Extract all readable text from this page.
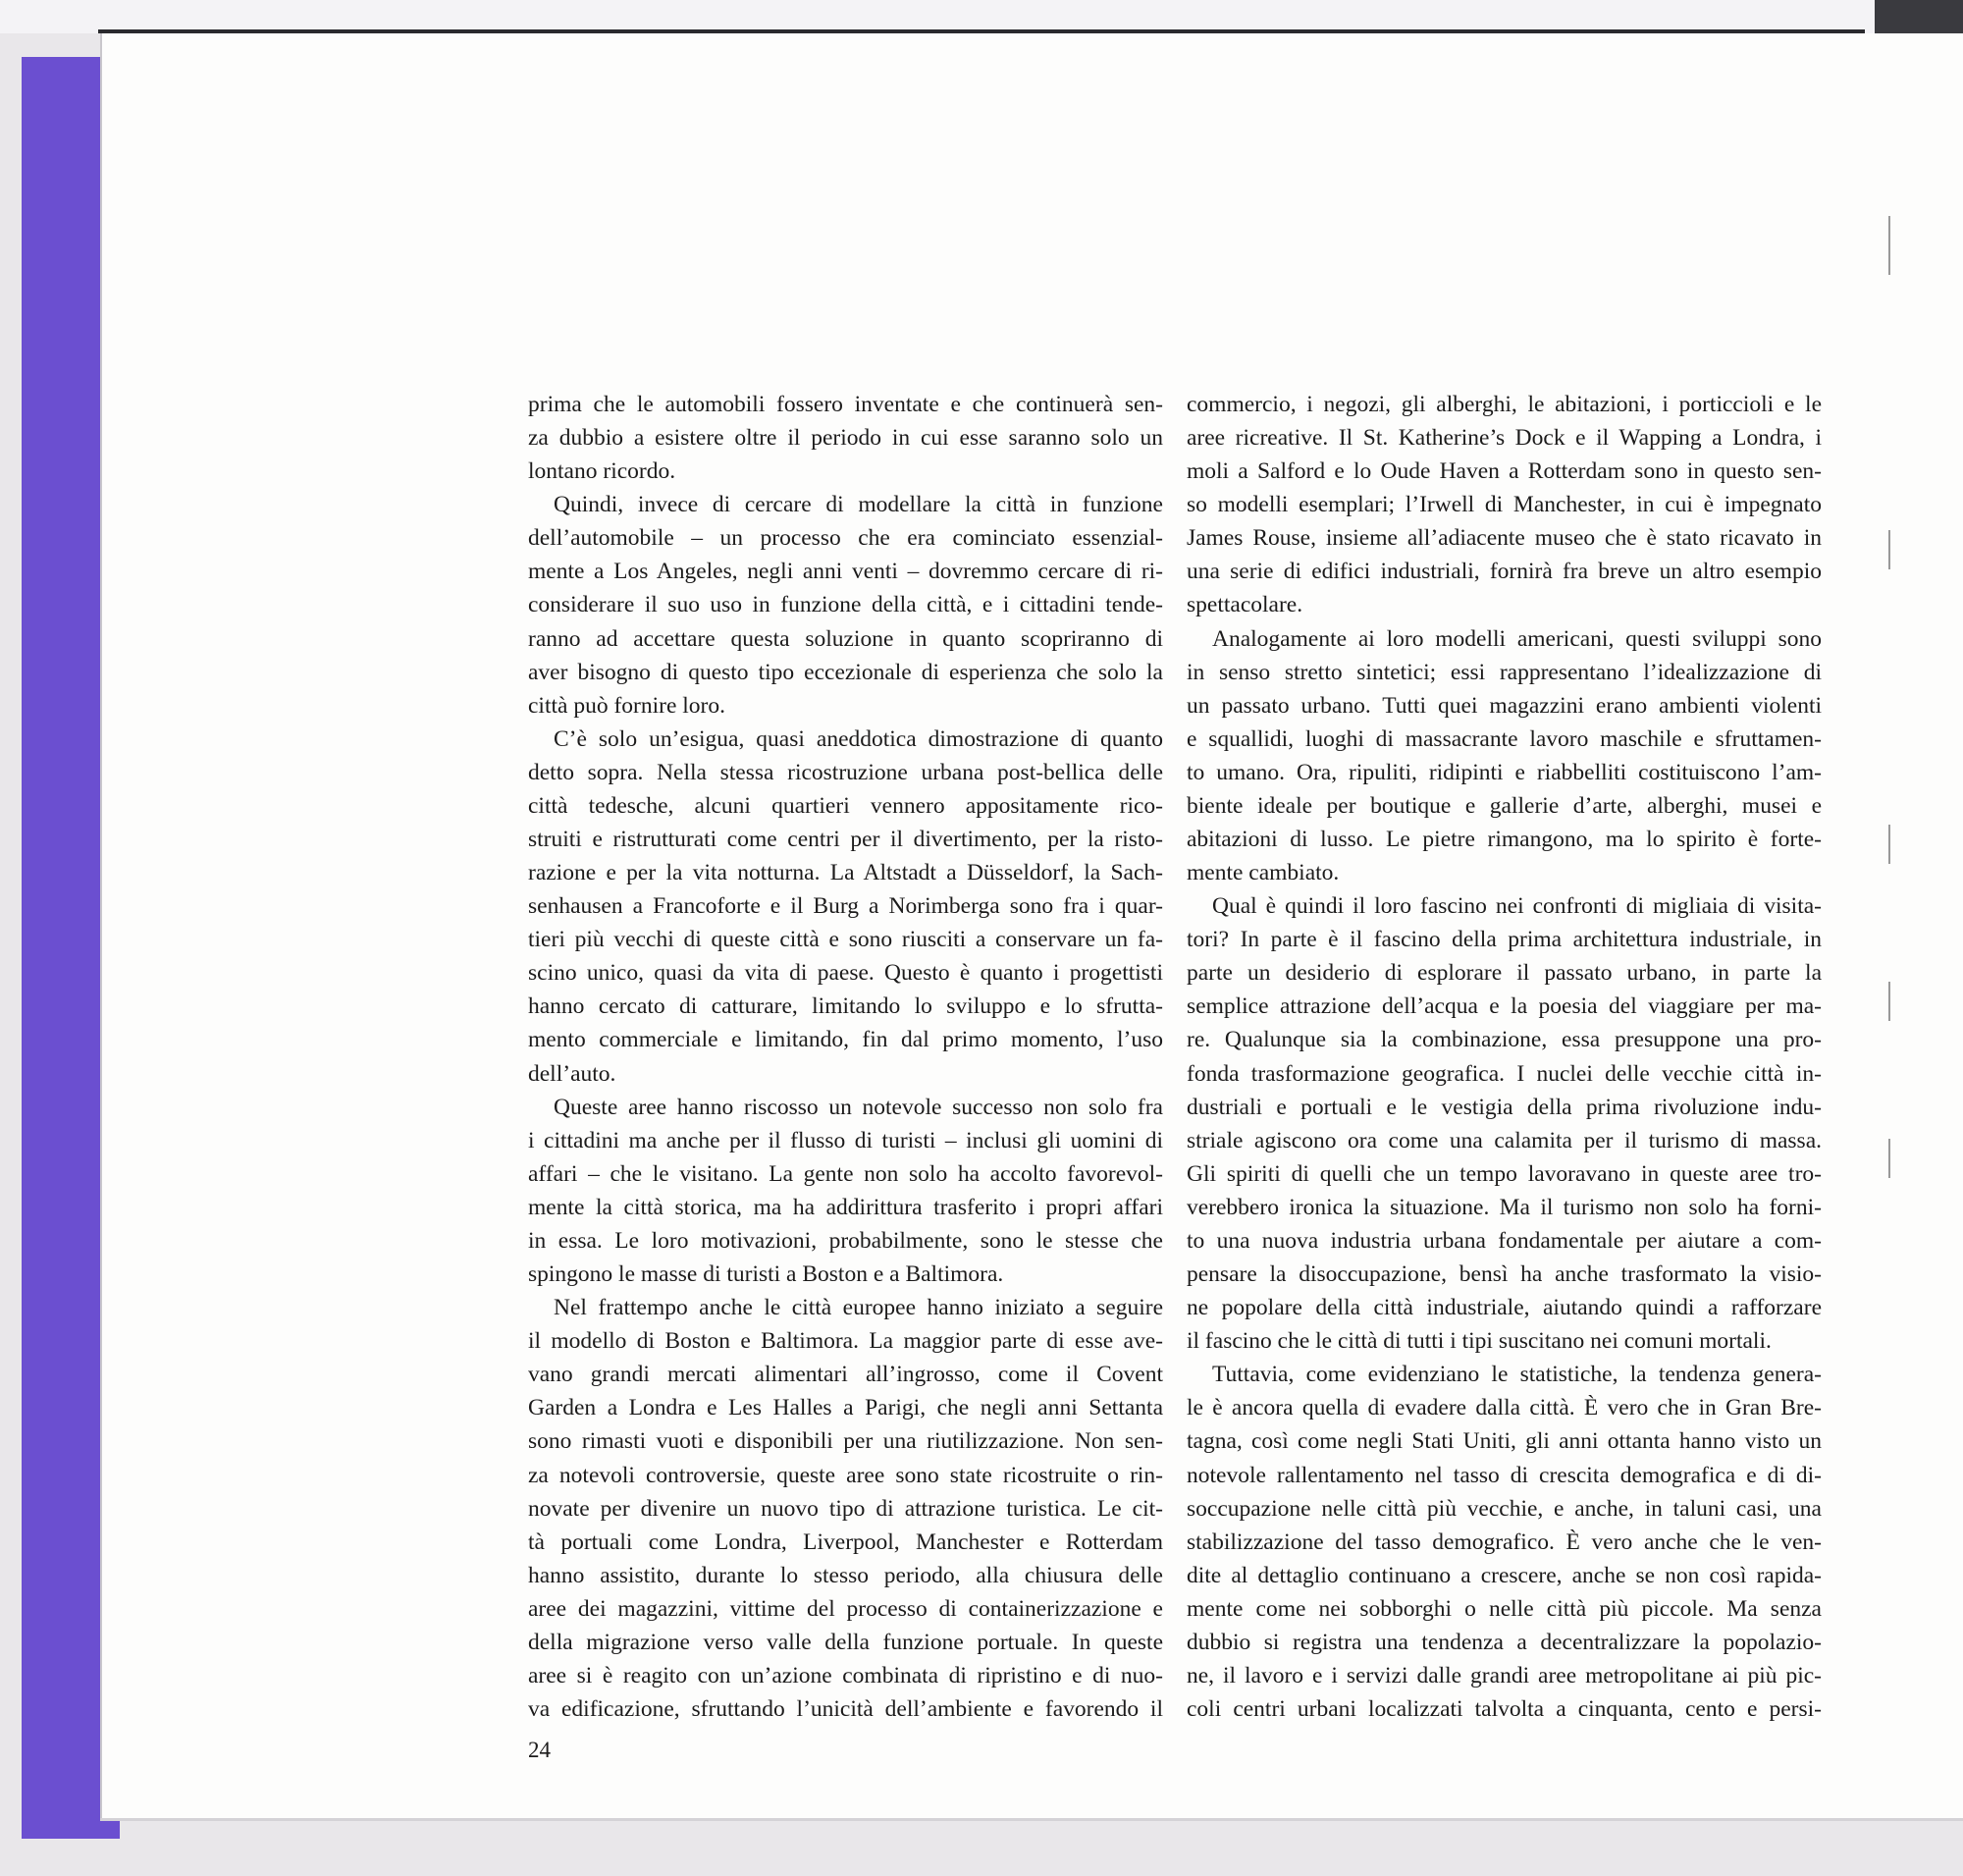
prima che le automobili fossero inventate e che continuerà sen-
za dubbio a esistere oltre il periodo in cui esse saranno solo un
lontano ricordo.
Quindi, invece di cercare di modellare la città in funzione
dell’automobile – un processo che era cominciato essenzial-
mente a Los Angeles, negli anni venti – dovremmo cercare di ri-
considerare il suo uso in funzione della città, e i cittadini tende-
ranno ad accettare questa soluzione in quanto scopriranno di
aver bisogno di questo tipo eccezionale di esperienza che solo la
città può fornire loro.
C’è solo un’esigua, quasi aneddotica dimostrazione di quanto
detto sopra. Nella stessa ricostruzione urbana post-bellica delle
città tedesche, alcuni quartieri vennero appositamente rico-
struiti e ristrutturati come centri per il divertimento, per la risto-
razione e per la vita notturna. La Altstadt a Düsseldorf, la Sach-
senhausen a Francoforte e il Burg a Norimberga sono fra i quar-
tieri più vecchi di queste città e sono riusciti a conservare un fa-
scino unico, quasi da vita di paese. Questo è quanto i progettisti
hanno cercato di catturare, limitando lo sviluppo e lo sfrutta-
mento commerciale e limitando, fin dal primo momento, l’uso
dell’auto.
Queste aree hanno riscosso un notevole successo non solo fra
i cittadini ma anche per il flusso di turisti – inclusi gli uomini di
affari – che le visitano. La gente non solo ha accolto favorevol-
mente la città storica, ma ha addirittura trasferito i propri affari
in essa. Le loro motivazioni, probabilmente, sono le stesse che
spingono le masse di turisti a Boston e a Baltimora.
Nel frattempo anche le città europee hanno iniziato a seguire
il modello di Boston e Baltimora. La maggior parte di esse ave-
vano grandi mercati alimentari all’ingrosso, come il Covent
Garden a Londra e Les Halles a Parigi, che negli anni Settanta
sono rimasti vuoti e disponibili per una riutilizzazione. Non sen-
za notevoli controversie, queste aree sono state ricostruite o rin-
novate per divenire un nuovo tipo di attrazione turistica. Le cit-
tà portuali come Londra, Liverpool, Manchester e Rotterdam
hanno assistito, durante lo stesso periodo, alla chiusura delle
aree dei magazzini, vittime del processo di containerizzazione e
della migrazione verso valle della funzione portuale. In queste
aree si è reagito con un’azione combinata di ripristino e di nuo-
va edificazione, sfruttando l’unicità dell’ambiente e favorendo il
commercio, i negozi, gli alberghi, le abitazioni, i porticcioli e le
aree ricreative. Il St. Katherine’s Dock e il Wapping a Londra, i
moli a Salford e lo Oude Haven a Rotterdam sono in questo sen-
so modelli esemplari; l’Irwell di Manchester, in cui è impegnato
James Rouse, insieme all’adiacente museo che è stato ricavato in
una serie di edifici industriali, fornirà fra breve un altro esempio
spettacolare.
Analogamente ai loro modelli americani, questi sviluppi sono
in senso stretto sintetici; essi rappresentano l’idealizzazione di
un passato urbano. Tutti quei magazzini erano ambienti violenti
e squallidi, luoghi di massacrante lavoro maschile e sfruttamen-
to umano. Ora, ripuliti, ridipinti e riabbelliti costituiscono l’am-
biente ideale per boutique e gallerie d’arte, alberghi, musei e
abitazioni di lusso. Le pietre rimangono, ma lo spirito è forte-
mente cambiato.
Qual è quindi il loro fascino nei confronti di migliaia di visita-
tori? In parte è il fascino della prima architettura industriale, in
parte un desiderio di esplorare il passato urbano, in parte la
semplice attrazione dell’acqua e la poesia del viaggiare per ma-
re. Qualunque sia la combinazione, essa presuppone una pro-
fonda trasformazione geografica. I nuclei delle vecchie città in-
dustriali e portuali e le vestigia della prima rivoluzione indu-
striale agiscono ora come una calamita per il turismo di massa.
Gli spiriti di quelli che un tempo lavoravano in queste aree tro-
verebbero ironica la situazione. Ma il turismo non solo ha forni-
to una nuova industria urbana fondamentale per aiutare a com-
pensare la disoccupazione, bensì ha anche trasformato la visio-
ne popolare della città industriale, aiutando quindi a rafforzare
il fascino che le città di tutti i tipi suscitano nei comuni mortali.
Tuttavia, come evidenziano le statistiche, la tendenza genera-
le è ancora quella di evadere dalla città. È vero che in Gran Bre-
tagna, così come negli Stati Uniti, gli anni ottanta hanno visto un
notevole rallentamento nel tasso di crescita demografica e di di-
soccupazione nelle città più vecchie, e anche, in taluni casi, una
stabilizzazione del tasso demografico. È vero anche che le ven-
dite al dettaglio continuano a crescere, anche se non così rapida-
mente come nei sobborghi o nelle città più piccole. Ma senza
dubbio si registra una tendenza a decentralizzare la popolazio-
ne, il lavoro e i servizi dalle grandi aree metropolitane ai più pic-
coli centri urbani localizzati talvolta a cinquanta, cento e persi-
24
